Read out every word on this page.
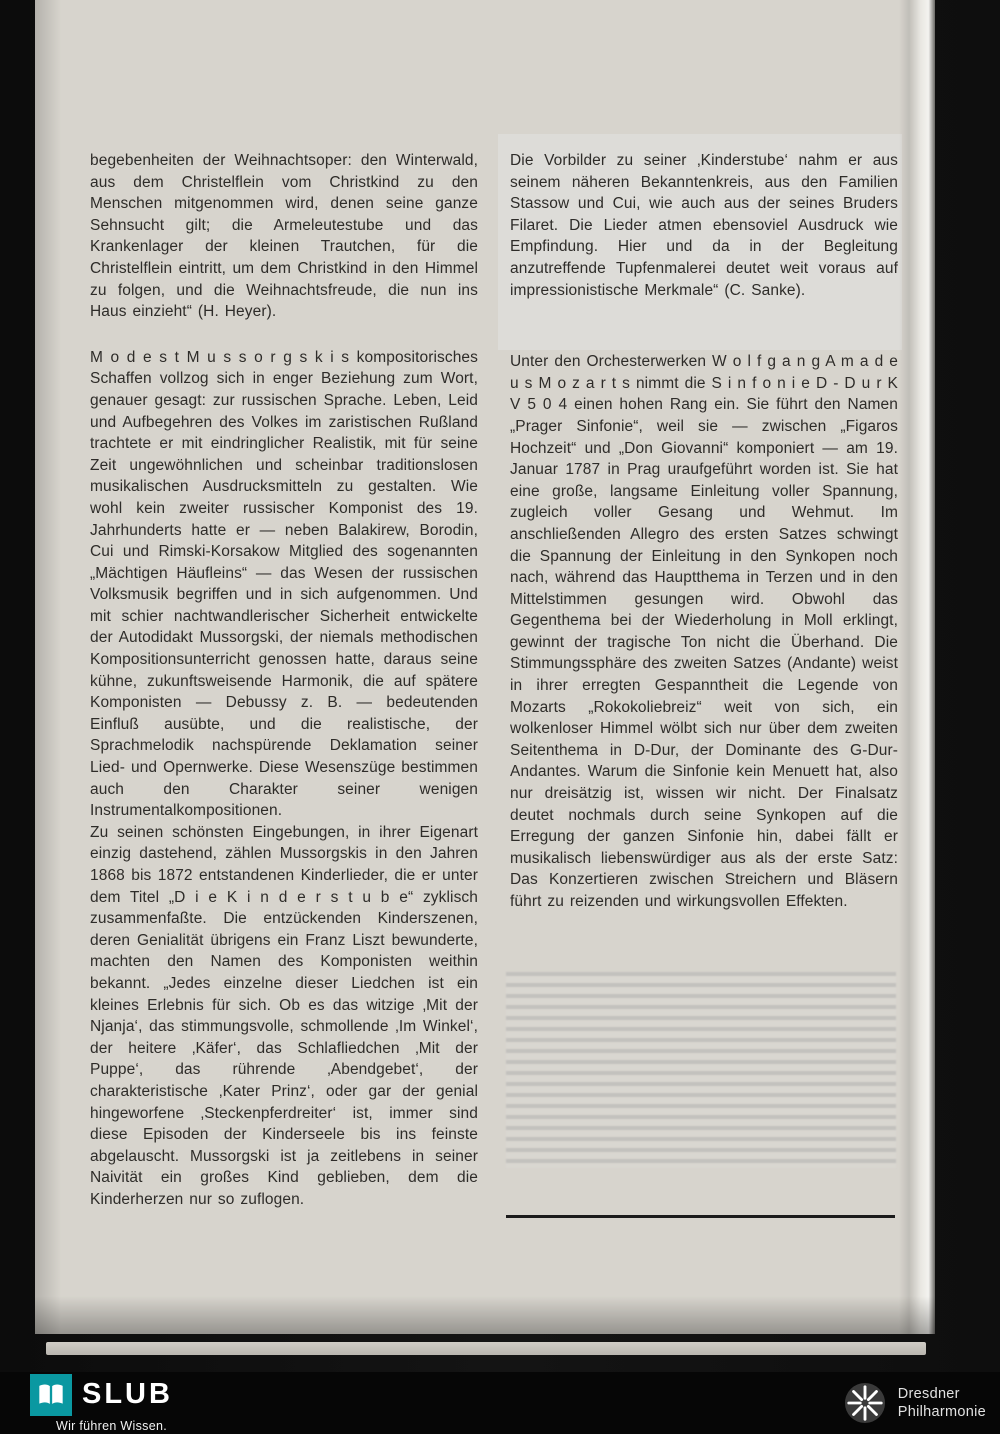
begebenheiten der Weihnachtsoper: den Winterwald, aus dem Christelflein vom Christkind zu den Menschen mitgenommen wird, denen seine ganze Sehnsucht gilt; die Armeleutestube und das Krankenlager der kleinen Trautchen, für die Christelflein eintritt, um dem Christkind in den Himmel zu folgen, und die Weihnachtsfreude, die nun ins Haus einzieht“ (H. Heyer).

M o d e s t M u s s o r g s k i s kompositorisches Schaffen vollzog sich in enger Beziehung zum Wort, genauer gesagt: zur russischen Sprache. Leben, Leid und Aufbegehren des Volkes im zaristischen Rußland trachtete er mit eindringlicher Realistik, mit für seine Zeit ungewöhnlichen und scheinbar traditionslosen musikalischen Ausdrucksmitteln zu gestalten. Wie wohl kein zweiter russischer Komponist des 19. Jahrhunderts hatte er — neben Balakirew, Borodin, Cui und Rimski-Korsakow Mitglied des sogenannten „Mächtigen Häufleins“ — das Wesen der russischen Volksmusik begriffen und in sich aufgenommen. Und mit schier nachtwandlerischer Sicherheit entwickelte der Autodidakt Mussorgski, der niemals methodischen Kompositionsunterricht genossen hatte, daraus seine kühne, zukunftsweisende Harmonik, die auf spätere Komponisten — Debussy z. B. — bedeutenden Einfluß ausübte, und die realistische, der Sprachmelodik nachspürende Deklamation seiner Lied- und Opernwerke. Diese Wesenszüge bestimmen auch den Charakter seiner wenigen Instrumentalkompositionen.

Zu seinen schönsten Eingebungen, in ihrer Eigenart einzig dastehend, zählen Mussorgskis in den Jahren 1868 bis 1872 entstandenen Kinderlieder, die er unter dem Titel „D i e K i n d e r s t u b e“ zyklisch zusammenfaßte. Die entzückenden Kinderszenen, deren Genialität übrigens ein Franz Liszt bewunderte, machten den Namen des Komponisten weithin bekannt. „Jedes einzelne dieser Liedchen ist ein kleines Erlebnis für sich. Ob es das witzige ‚Mit der Njanja‘, das stimmungsvolle, schmollende ‚Im Winkel‘, der heitere ‚Käfer‘, das Schlafliedchen ‚Mit der Puppe‘, das rührende ‚Abendgebet‘, der charakteristische ‚Kater Prinz‘, oder gar der genial hingeworfene ‚Steckenpferdreiter‘ ist, immer sind diese Episoden der Kinderseele bis ins feinste abgelauscht. Mussorgski ist ja zeitlebens in seiner Naivität ein großes Kind geblieben, dem die Kinderherzen nur so zuflogen.

Die Vorbilder zu seiner ‚Kinderstube‘ nahm er aus seinem näheren Bekanntenkreis, aus den Familien Stassow und Cui, wie auch aus der seines Bruders Filaret. Die Lieder atmen ebensoviel Ausdruck wie Empfindung. Hier und da in der Begleitung anzutreffende Tupfenmalerei deutet weit voraus auf impressionistische Merkmale“ (C. Sanke).

Unter den Orchesterwerken W o l f g a n g A m a d e u s M o z a r t s nimmt die S i n f o n i e D - D u r K V 5 0 4 einen hohen Rang ein. Sie führt den Namen „Prager Sinfonie“, weil sie — zwischen „Figaros Hochzeit“ und „Don Giovanni“ komponiert — am 19. Januar 1787 in Prag uraufgeführt worden ist. Sie hat eine große, langsame Einleitung voller Spannung, zugleich voller Gesang und Wehmut. Im anschließenden Allegro des ersten Satzes schwingt die Spannung der Einleitung in den Synkopen noch nach, während das Hauptthema in Terzen und in den Mittelstimmen gesungen wird. Obwohl das Gegenthema bei der Wiederholung in Moll erklingt, gewinnt der tragische Ton nicht die Überhand. Die Stimmungssphäre des zweiten Satzes (Andante) weist in ihrer erregten Gespanntheit die Legende von Mozarts „Rokokoliebreiz“ weit von sich, ein wolkenloser Himmel wölbt sich nur über dem zweiten Seitenthema in D-Dur, der Dominante des G-Dur-Andantes. Warum die Sinfonie kein Menuett hat, also nur dreisätzig ist, wissen wir nicht. Der Finalsatz deutet nochmals durch seine Synkopen auf die Erregung der ganzen Sinfonie hin, dabei fällt er musikalisch liebenswürdiger aus als der erste Satz: Das Konzertieren zwischen Streichern und Bläsern führt zu reizenden und wirkungsvollen Effekten.

SLUB
Wir führen Wissen.
Dresdner
Philharmonie
